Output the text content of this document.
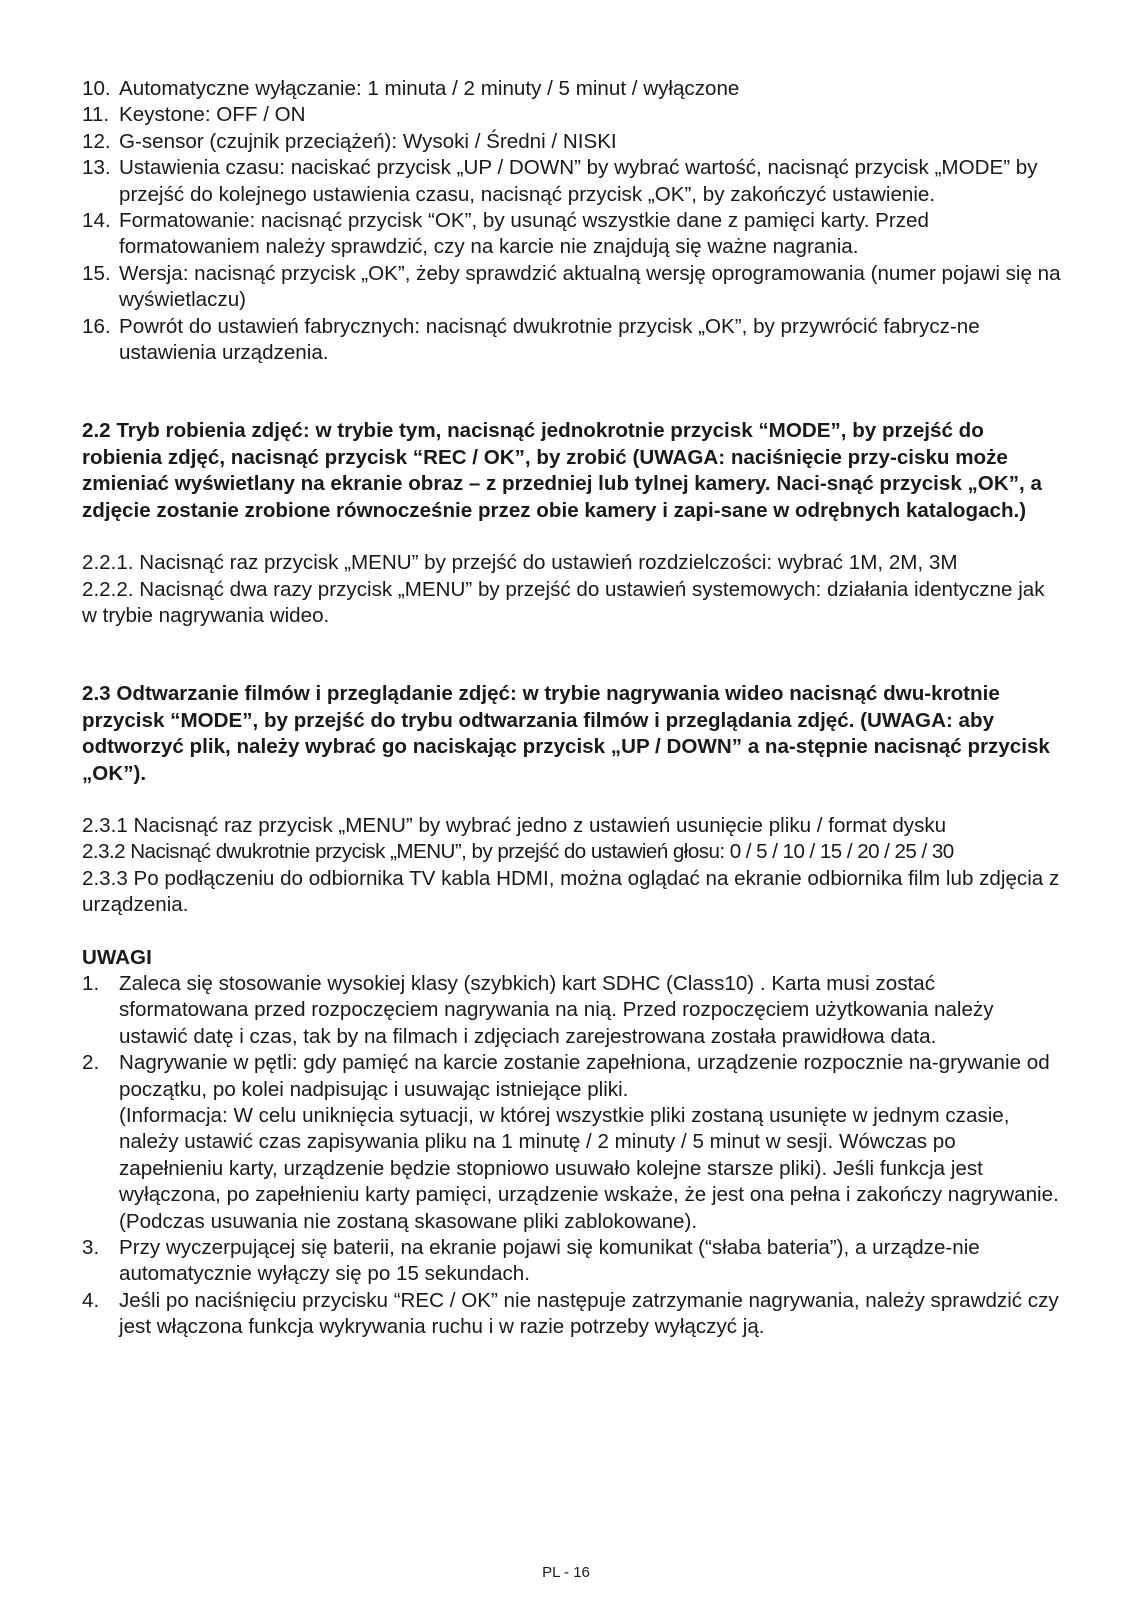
10. Automatyczne wyłączanie: 1 minuta / 2 minuty / 5 minut / wyłączone
11. Keystone: OFF / ON
12. G-sensor (czujnik przeciążeń): Wysoki / Średni / NISKI
13. Ustawienia czasu: naciskać przycisk „UP / DOWN” by wybrać wartość, nacisnąć przycisk „MODE” by przejść do kolejnego ustawienia czasu, nacisnąć przycisk „OK”, by zakończyć ustawienie.
14. Formatowanie: nacisnąć przycisk “OK”, by usunąć wszystkie dane z pamięci karty. Przed formatowaniem należy sprawdzić, czy na karcie nie znajdują się ważne nagrania.
15. Wersja: nacisnąć przycisk „OK”, żeby sprawdzić aktualną wersję oprogramowania (numer pojawi się na wyświetlaczu)
16. Powrót do ustawień fabrycznych: nacisnąć dwukrotnie przycisk „OK”, by przywrócić fabrycz-ne ustawienia urządzenia.

2.2 Tryb robienia zdjęć: w trybie tym, nacisnąć jednokrotnie przycisk “MODE”, by przejść do robienia zdjęć, nacisnąć przycisk “REC / OK”, by zrobić (UWAGA: naciśnięcie przy-cisku może zmieniać wyświetlany na ekranie obraz – z przedniej lub tylnej kamery. Naci-snąć przycisk „OK”, a zdjęcie zostanie zrobione równocześnie przez obie kamery i zapi-sane w odrębnych katalogach.)

2.2.1. Nacisnąć raz przycisk „MENU” by przejść do ustawień rozdzielczości: wybrać 1M, 2M, 3M

2.2.2. Nacisnąć dwa razy przycisk „MENU” by przejść do ustawień systemowych: działania identyczne jak w trybie nagrywania wideo.

2.3 Odtwarzanie filmów i przeglądanie zdjęć: w trybie nagrywania wideo nacisnąć dwu-krotnie przycisk “MODE”, by przejść do trybu odtwarzania filmów i przeglądania zdjęć. (UWAGA: aby odtworzyć plik, należy wybrać go naciskając przycisk „UP / DOWN” a na-stępnie nacisnąć przycisk „OK”).

2.3.1 Nacisnąć raz przycisk „MENU” by wybrać jedno z ustawień usunięcie pliku / format dysku

2.3.2 Nacisnąć dwukrotnie przycisk „MENU”, by przejść do ustawień głosu: 0 / 5 / 10 / 15 / 20 / 25 / 30

2.3.3 Po podłączeniu do odbiornika TV kabla HDMI, można oglądać na ekranie odbiornika film lub zdjęcia z urządzenia.

UWAGI

1. Zaleca się stosowanie wysokiej klasy (szybkich) kart SDHC (Class10) . Karta musi zostać sformatowana przed rozpoczęciem nagrywania na nią. Przed rozpoczęciem użytkowania należy ustawić datę i czas, tak by na filmach i zdjęciach zarejestrowana została prawidłowa data.
2. Nagrywanie w pętli: gdy pamięć na karcie zostanie zapełniona, urządzenie rozpocznie na-grywanie od początku, po kolei nadpisując i usuwając istniejące pliki.
(Informacja: W celu uniknięcia sytuacji, w której wszystkie pliki zostaną usunięte w jednym czasie, należy ustawić czas zapisywania pliku na 1 minutę / 2 minuty / 5 minut w sesji. Wówczas po zapełnieniu karty, urządzenie będzie stopniowo usuwało kolejne starsze pliki). Jeśli funkcja jest wyłączona, po zapełnieniu karty pamięci, urządzenie wskaże, że jest ona pełna i zakończy nagrywanie. (Podczas usuwania nie zostaną skasowane pliki zablokowane).
3. Przy wyczerpującej się baterii, na ekranie pojawi się komunikat (“słaba bateria”), a urządze-nie automatycznie wyłączy się po 15 sekundach.
4. Jeśli po naciśnięciu przycisku “REC / OK” nie następuje zatrzymanie nagrywania, należy sprawdzić czy jest włączona funkcja wykrywania ruchu i w razie potrzeby wyłączyć ją.
PL - 16
